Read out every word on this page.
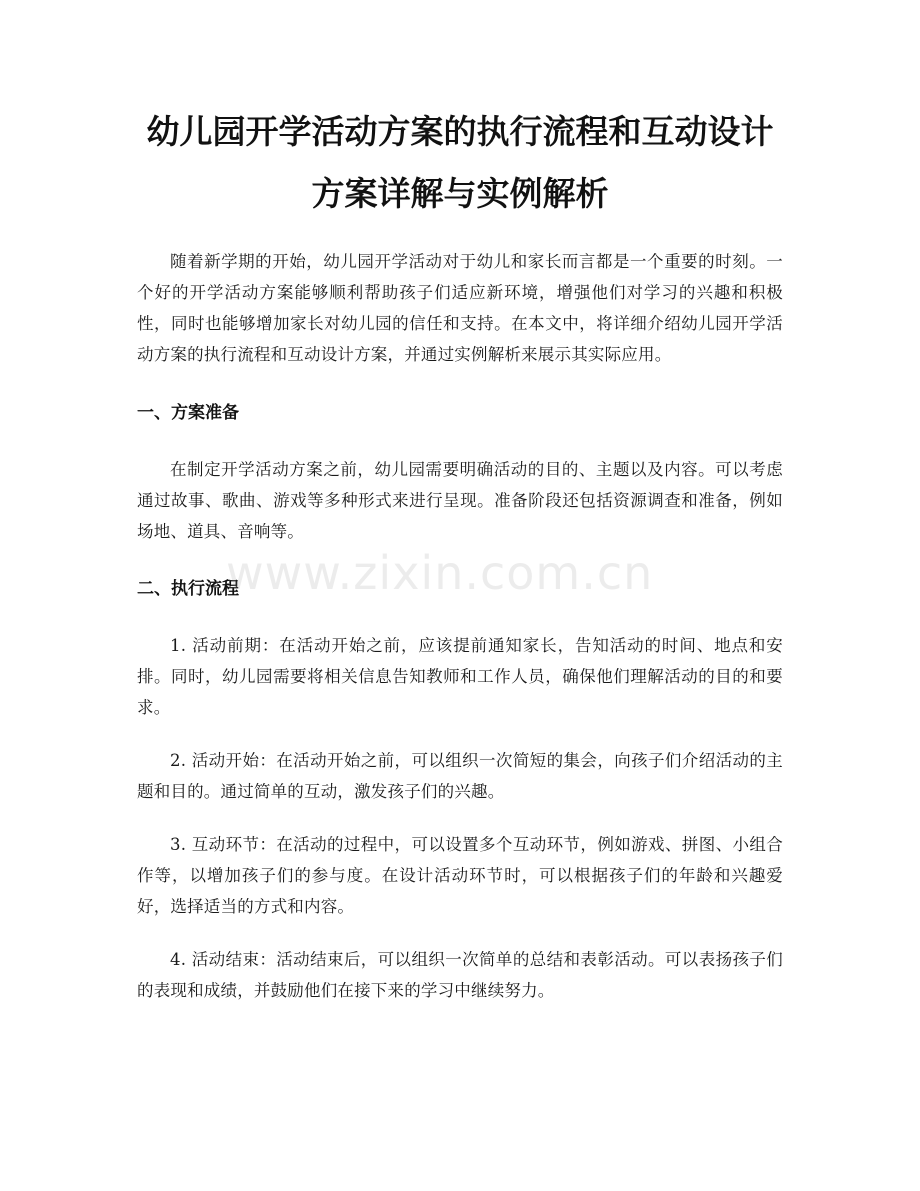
幼儿园开学活动方案的执行流程和互动设计
方案详解与实例解析

随着新学期的开始，幼儿园开学活动对于幼儿和家长而言都是一个重要的时刻。一个好的开学活动方案能够顺利帮助孩子们适应新环境，增强他们对学习的兴趣和积极性，同时也能够增加家长对幼儿园的信任和支持。在本文中，将详细介绍幼儿园开学活动方案的执行流程和互动设计方案，并通过实例解析来展示其实际应用。

一、方案准备

在制定开学活动方案之前，幼儿园需要明确活动的目的、主题以及内容。可以考虑通过故事、歌曲、游戏等多种形式来进行呈现。准备阶段还包括资源调查和准备，例如场地、道具、音响等。

二、执行流程

1. 活动前期：在活动开始之前，应该提前通知家长，告知活动的时间、地点和安排。同时，幼儿园需要将相关信息告知教师和工作人员，确保他们理解活动的目的和要求。

2. 活动开始：在活动开始之前，可以组织一次简短的集会，向孩子们介绍活动的主题和目的。通过简单的互动，激发孩子们的兴趣。

3. 互动环节：在活动的过程中，可以设置多个互动环节，例如游戏、拼图、小组合作等，以增加孩子们的参与度。在设计活动环节时，可以根据孩子们的年龄和兴趣爱好，选择适当的方式和内容。

4. 活动结束：活动结束后，可以组织一次简单的总结和表彰活动。可以表扬孩子们的表现和成绩，并鼓励他们在接下来的学习中继续努力。

www.zixin.com.cn
